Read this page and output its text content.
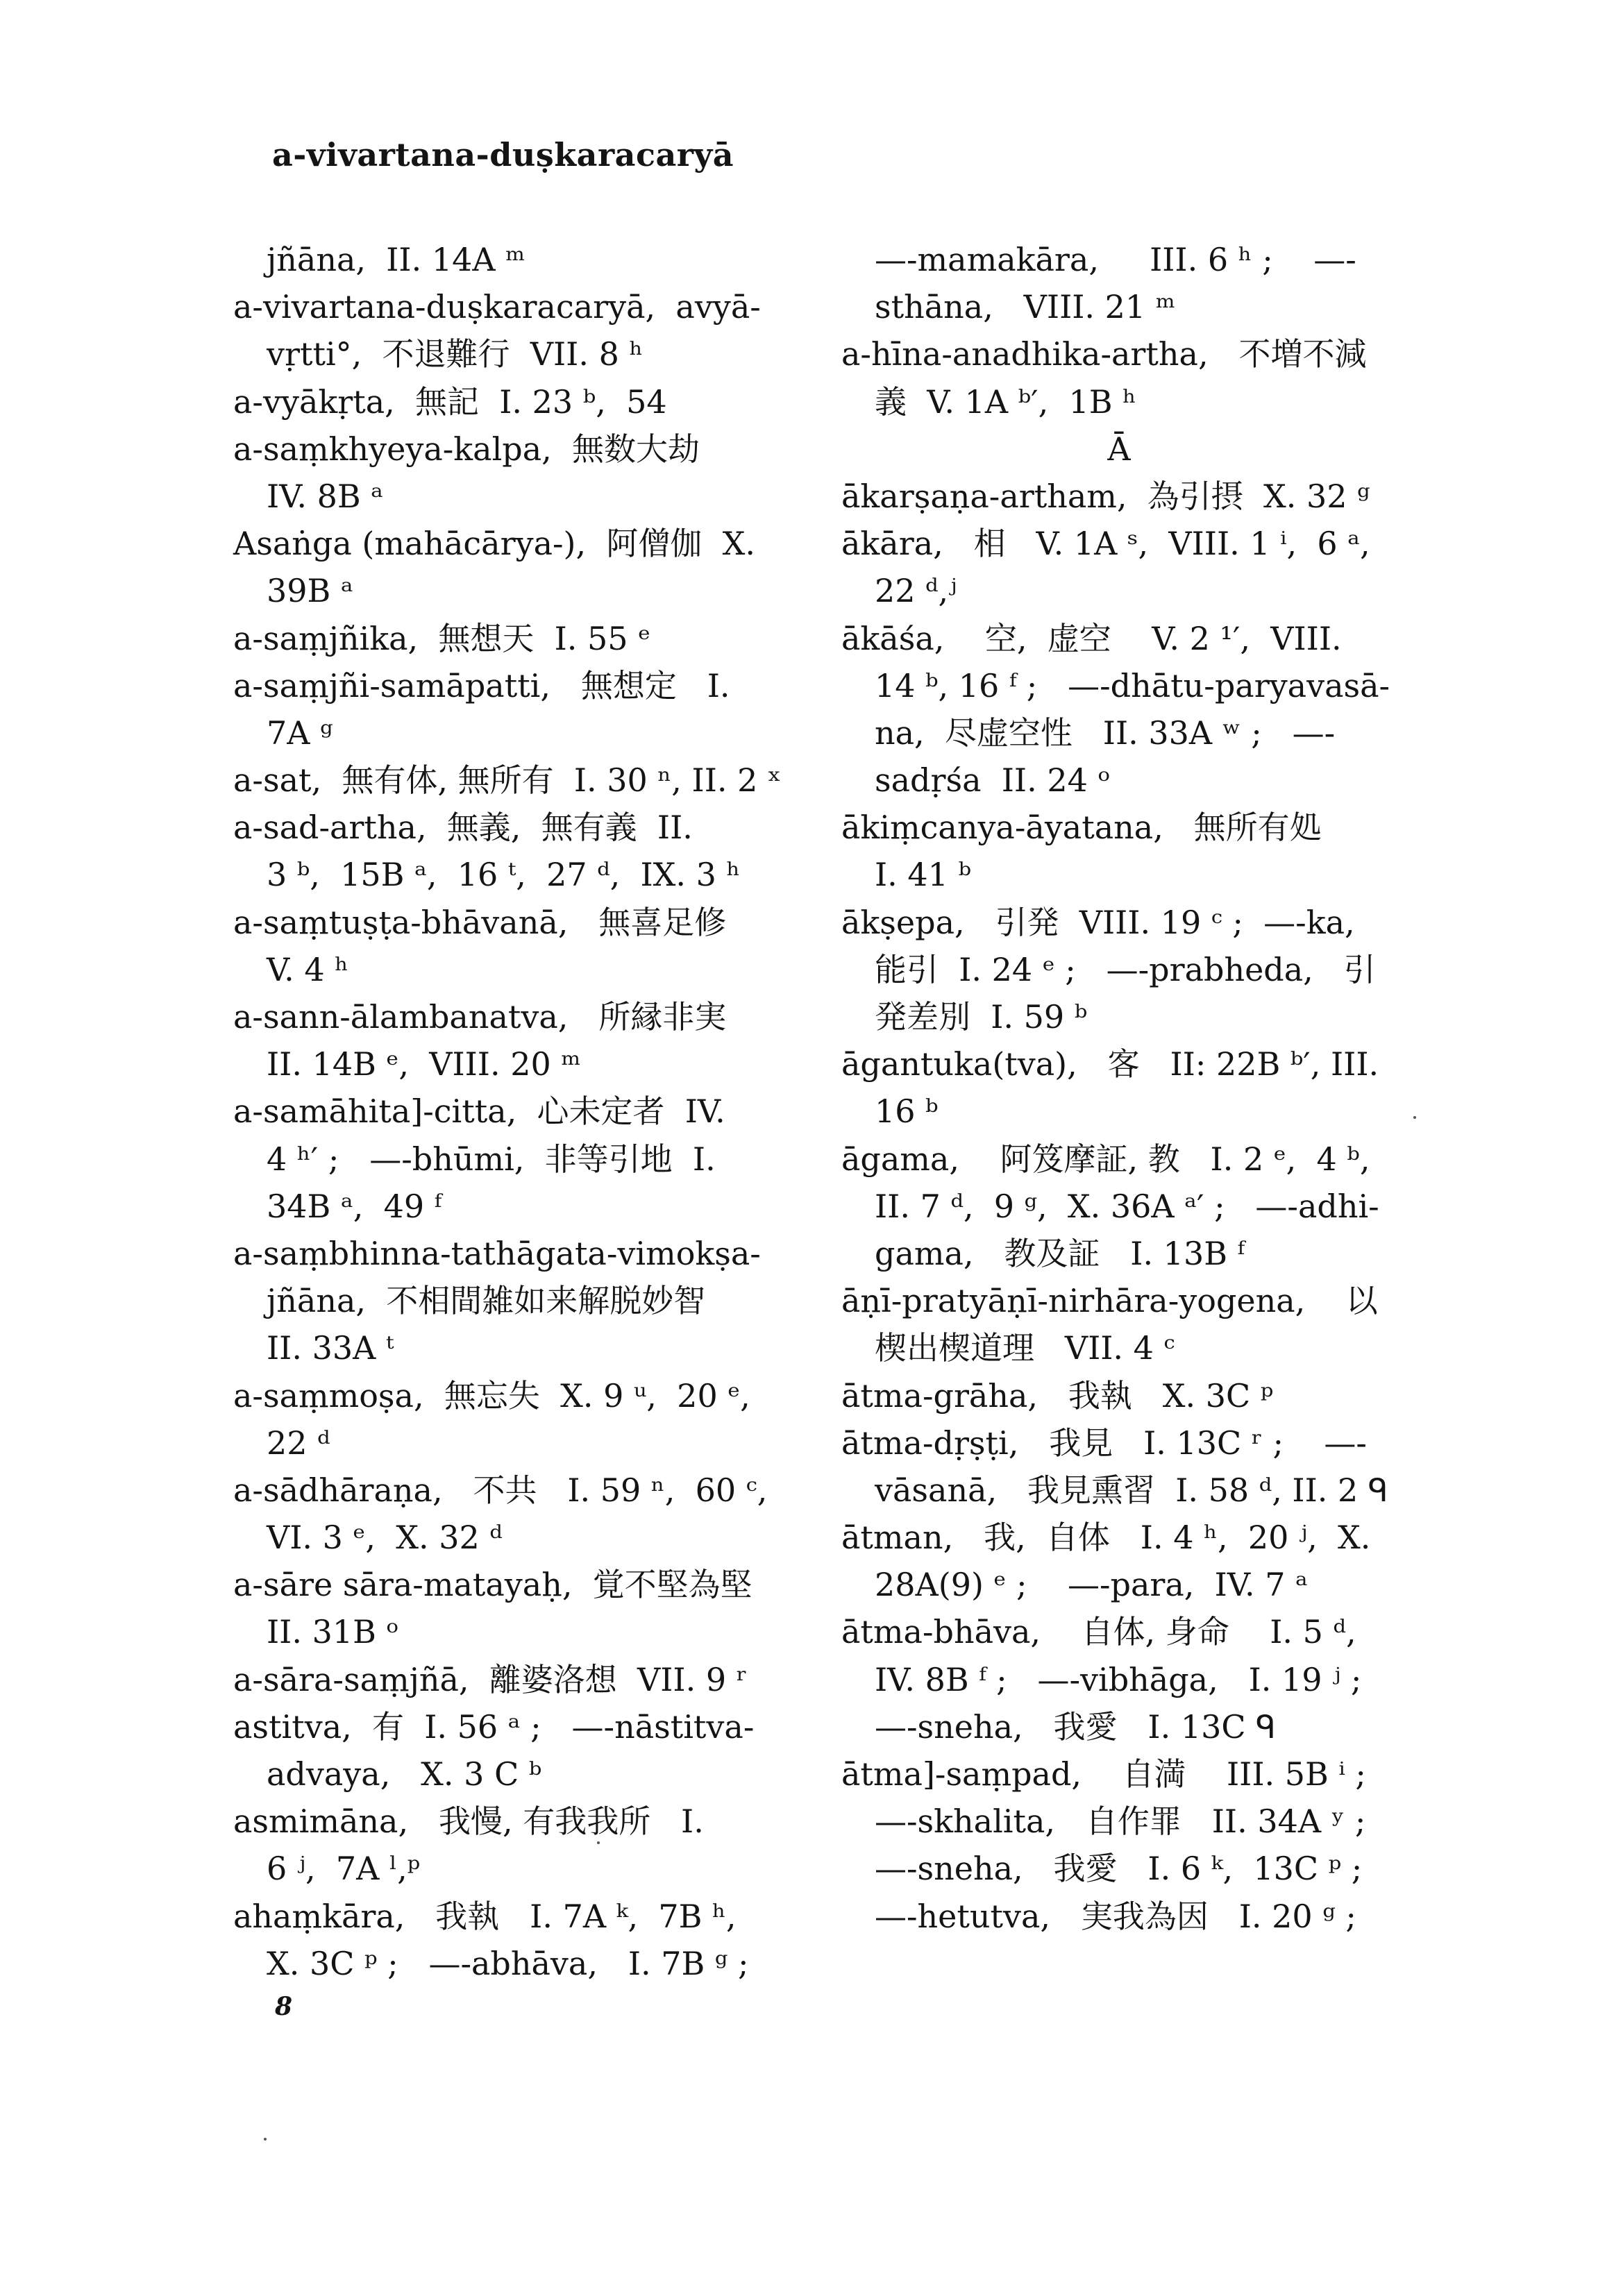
a-vivartana-duṣkaracaryā
jñāna,  II. 14A ᵐ
a-vivartana-duṣkaracaryā,  avyā-
vṛtti°,  不退難行  VII. 8 ʰ
a-vyākṛta,  無記  I. 23 ᵇ,  54
a-saṃkhyeya-kalpa,  無数大劫
IV. 8B ᵃ
Asaṅga (mahācārya-),  阿僧伽  X.
39B ᵃ
a-saṃjñika,  無想天  I. 55 ᵉ
a-saṃjñi-samāpatti,   無想定   I.
7A ᵍ
a-sat,  無有体, 無所有  I. 30 ⁿ, II. 2 ˣ
a-sad-artha,  無義,  無有義  II.
3 ᵇ,  15B ᵃ,  16 ᵗ,  27 ᵈ,  IX. 3 ʰ
a-saṃtuṣṭa-bhāvanā,   無喜足修
V. 4 ʰ
a-sann-ālambanatva,   所縁非実
II. 14B ᵉ,  VIII. 20 ᵐ
a-samāhita]-citta,  心未定者  IV.
4 ʰ′ ;   —-bhūmi,  非等引地  I.
34B ᵃ,  49 ᶠ
a-saṃbhinna-tathāgata-vimokṣa-
jñāna,  不相間雑如来解脱妙智
II. 33A ᵗ
a-saṃmoṣa,  無忘失  X. 9 ᵘ,  20 ᵉ,
22 ᵈ
a-sādhāraṇa,   不共   I. 59 ⁿ,  60 ᶜ,
VI. 3 ᵉ,  X. 32 ᵈ
a-sāre sāra-matayaḥ,  覚不堅為堅
II. 31B ᵒ
a-sāra-saṃjñā,  離婆洛想  VII. 9 ʳ
astitva,  有  I. 56 ᵃ ;   —-nāstitva-
advaya,   X. 3 C ᵇ
asmimāna,   我慢, 有我我所   I.
6 ʲ,  7A ˡ,ᵖ
ahaṃkāra,   我執   I. 7A ᵏ,  7B ʰ,
X. 3C ᵖ ;   —-abhāva,   I. 7B ᵍ ;
—-mamakāra,     III. 6 ʰ ;    —-
sthāna,   VIII. 21 ᵐ
a-hīna-anadhika-artha,   不増不減
義  V. 1A ᵇ′,  1B ʰ
Ā
ākarṣaṇa-artham,  為引摂  X. 32 ᵍ
ākāra,   相   V. 1A ˢ,  VIII. 1 ⁱ,  6 ᵃ,
22 ᵈ,ʲ
ākāśa,    空,  虚空    V. 2 ¹′,  VIII.
14 ᵇ, 16 ᶠ ;   —-dhātu-paryavasā-
na,  尽虚空性   II. 33A ʷ ;   —-
sadṛśa  II. 24 ᵒ
ākiṃcanya-āyatana,   無所有処
I. 41 ᵇ
ākṣepa,   引発  VIII. 19 ᶜ ;  —-ka,
能引  I. 24 ᵉ ;   —-prabheda,   引
発差別  I. 59 ᵇ
āgantuka(tva),   客   II: 22B ᵇ′, III.
16 ᵇ
āgama,    阿笈摩証, 教   I. 2 ᵉ,  4 ᵇ,
II. 7 ᵈ,  9 ᵍ,  X. 36A ᵃ′ ;   —-adhi-
gama,   教及証   I. 13B ᶠ
āṇī-pratyāṇī-nirhāra-yogena,    以
楔出楔道理   VII. 4 ᶜ
ātma-grāha,   我執   X. 3C ᵖ
ātma-dṛṣṭi,   我見   I. 13C ʳ ;    —-
vāsanā,   我見熏習  I. 58 ᵈ, II. 2 ᑫ
ātman,   我,  自体   I. 4 ʰ,  20 ʲ,  X.
28A(9) ᵉ ;    —-para,  IV. 7 ᵃ
ātma-bhāva,    自体, 身命    I. 5 ᵈ,
IV. 8B ᶠ ;   —-vibhāga,   I. 19 ʲ ;
—-sneha,   我愛   I. 13C ᑫ
ātma]-saṃpad,    自満    III. 5B ⁱ ;
—-skhalita,   自作罪   II. 34A ʸ ;
—-sneha,   我愛   I. 6 ᵏ,  13C ᵖ ;
—-hetutva,   実我為因   I. 20 ᵍ ;
8
